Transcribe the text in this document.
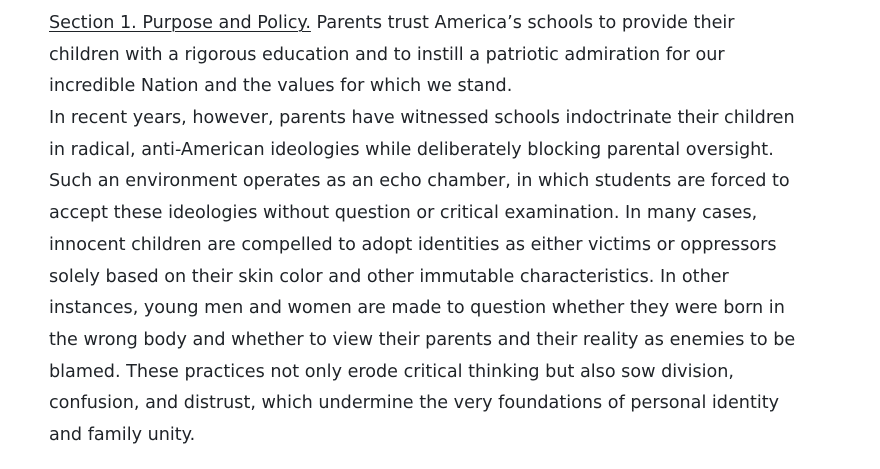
Section 1. Purpose and Policy. Parents trust America’s schools to provide their
children with a rigorous education and to instill a patriotic admiration for our
incredible Nation and the values for which we stand.
In recent years, however, parents have witnessed schools indoctrinate their children
in radical, anti-American ideologies while deliberately blocking parental oversight.
Such an environment operates as an echo chamber, in which students are forced to
accept these ideologies without question or critical examination. In many cases,
innocent children are compelled to adopt identities as either victims or oppressors
solely based on their skin color and other immutable characteristics. In other
instances, young men and women are made to question whether they were born in
the wrong body and whether to view their parents and their reality as enemies to be
blamed. These practices not only erode critical thinking but also sow division,
confusion, and distrust, which undermine the very foundations of personal identity
and family unity.
